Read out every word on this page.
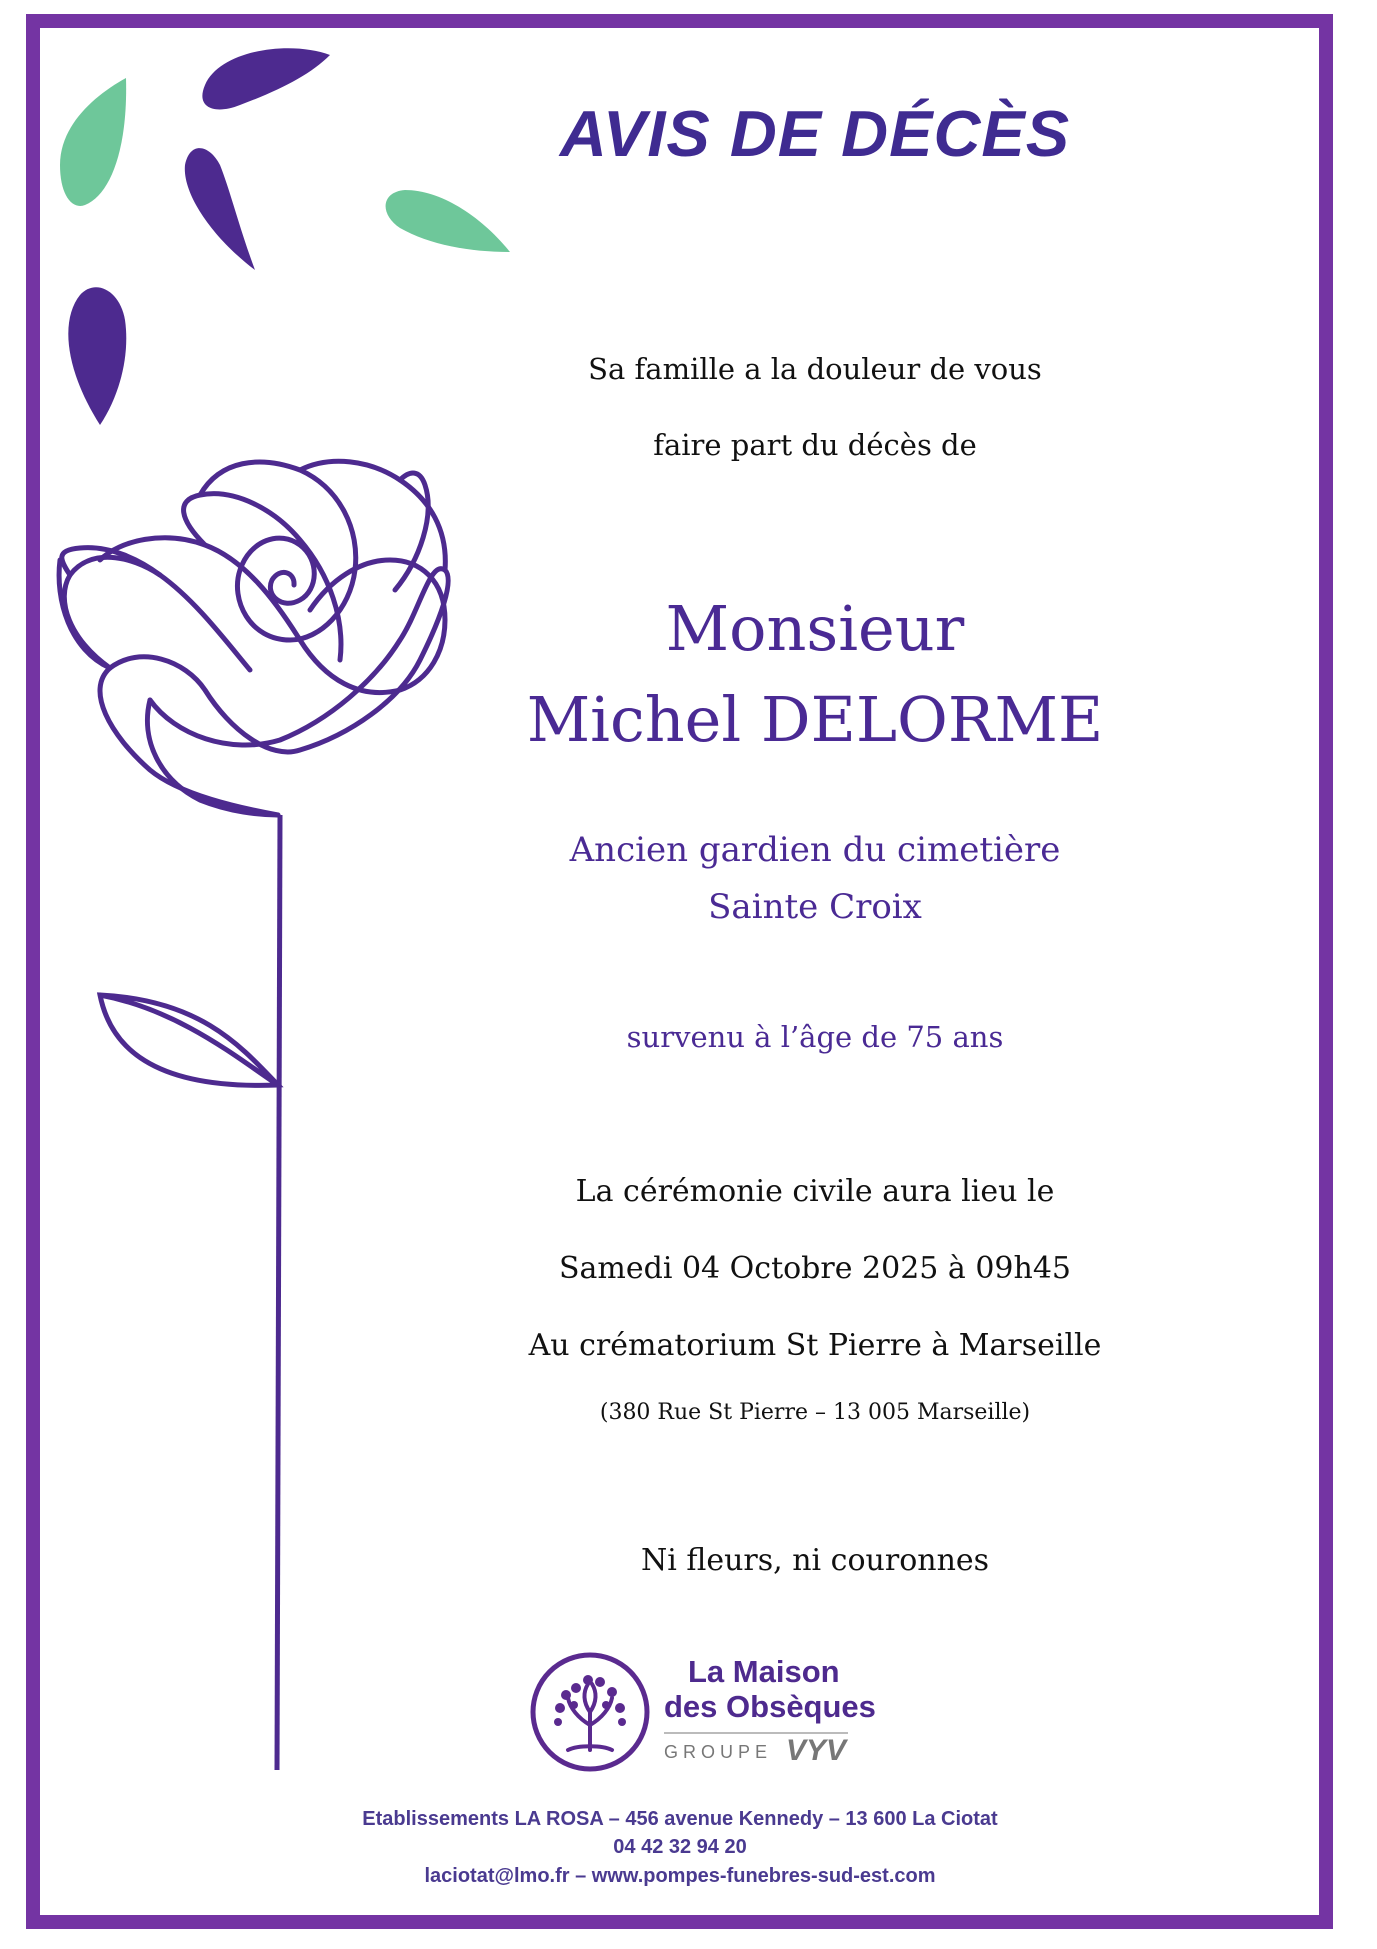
AVIS DE DÉCÈS

Sa famille a la douleur de vous

faire part du décès de

Monsieur

Michel DELORME

Ancien gardien du cimetière

Sainte Croix

survenu à l’âge de 75 ans

La cérémonie civile aura lieu le

Samedi 04 Octobre 2025 à 09h45

Au crématorium St Pierre à Marseille

(380 Rue St Pierre – 13 005 Marseille)

Ni fleurs, ni couronnes

La Maison

des Obsèques

GROUPE VYV

Etablissements LA ROSA – 456 avenue Kennedy – 13 600 La Ciotat

04 42 32 94 20

laciotat@lmo.fr – www.pompes-funebres-sud-est.com
